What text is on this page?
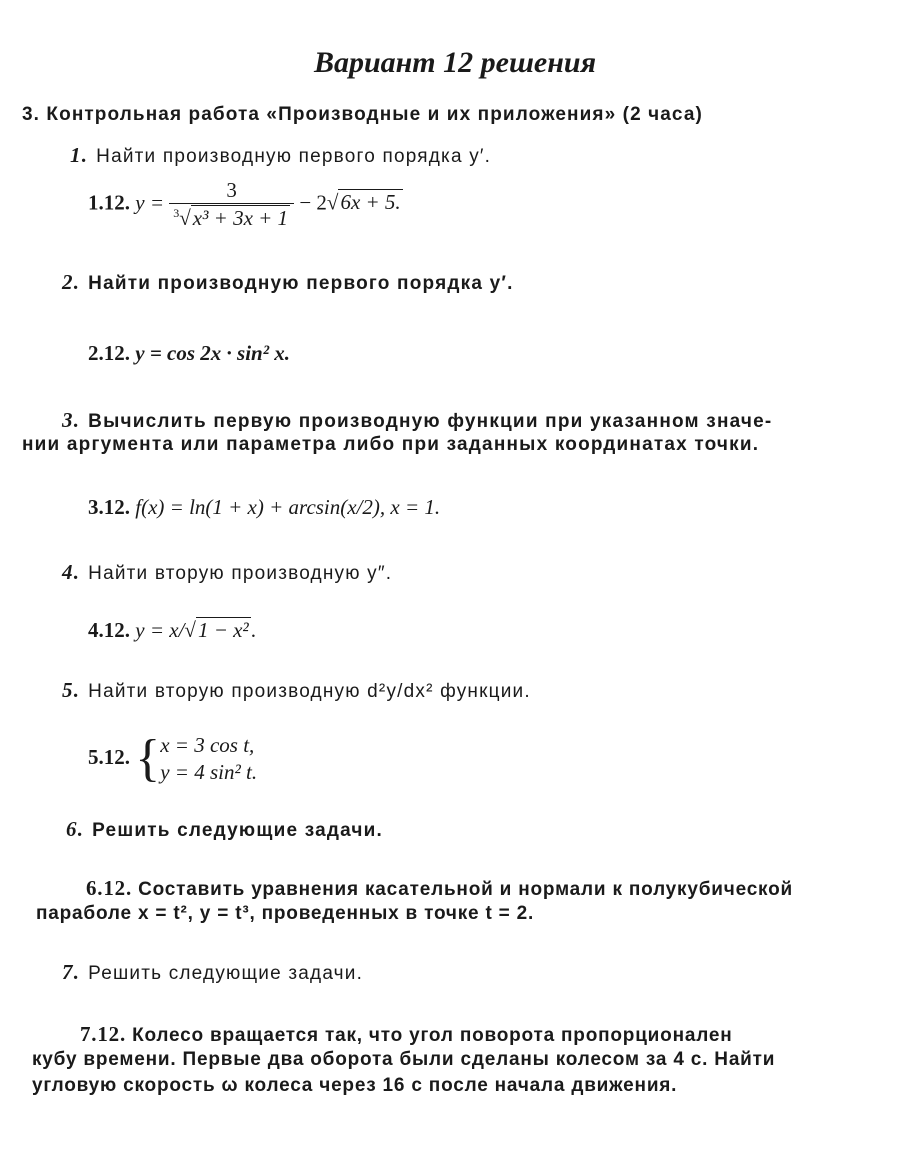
Вариант 12 решения
3. Контрольная работа «Производные и их приложения» (2 часа)
1. Найти производную первого порядка y′.
1.12. $y = \frac{3}{^3√x^3 + 3x + 1} - 2√6x + 5$.
2. Найти производную первого порядка y′.
2.12. y = cos 2x · sin² x.
3. Вычислить первую производную функции при указанном значе-
нии аргумента или параметра либо при заданных координатах точки.
3.12. f(x) = ln(1 + x) + arcsin(x/2), x = 1.
4. Найти вторую производную y″.
4.12. y = x/√1 − x².
5. Найти вторую производную d²y/dx² функции.
5.12. { x = 3 cos t,
y = 4 sin² t.
6. Решить следующие задачи.
6.12. Составить уравнения касательной и нормали к полукубической
параболе x = t², y = t³, проведенных в точке t = 2.
7. Решить следующие задачи.
7.12. Колесо вращается так, что угол поворота пропорционален
кубу времени. Первые два оборота были сделаны колесом за 4 с. Найти
угловую скорость ω колеса через 16 с после начала движения.
